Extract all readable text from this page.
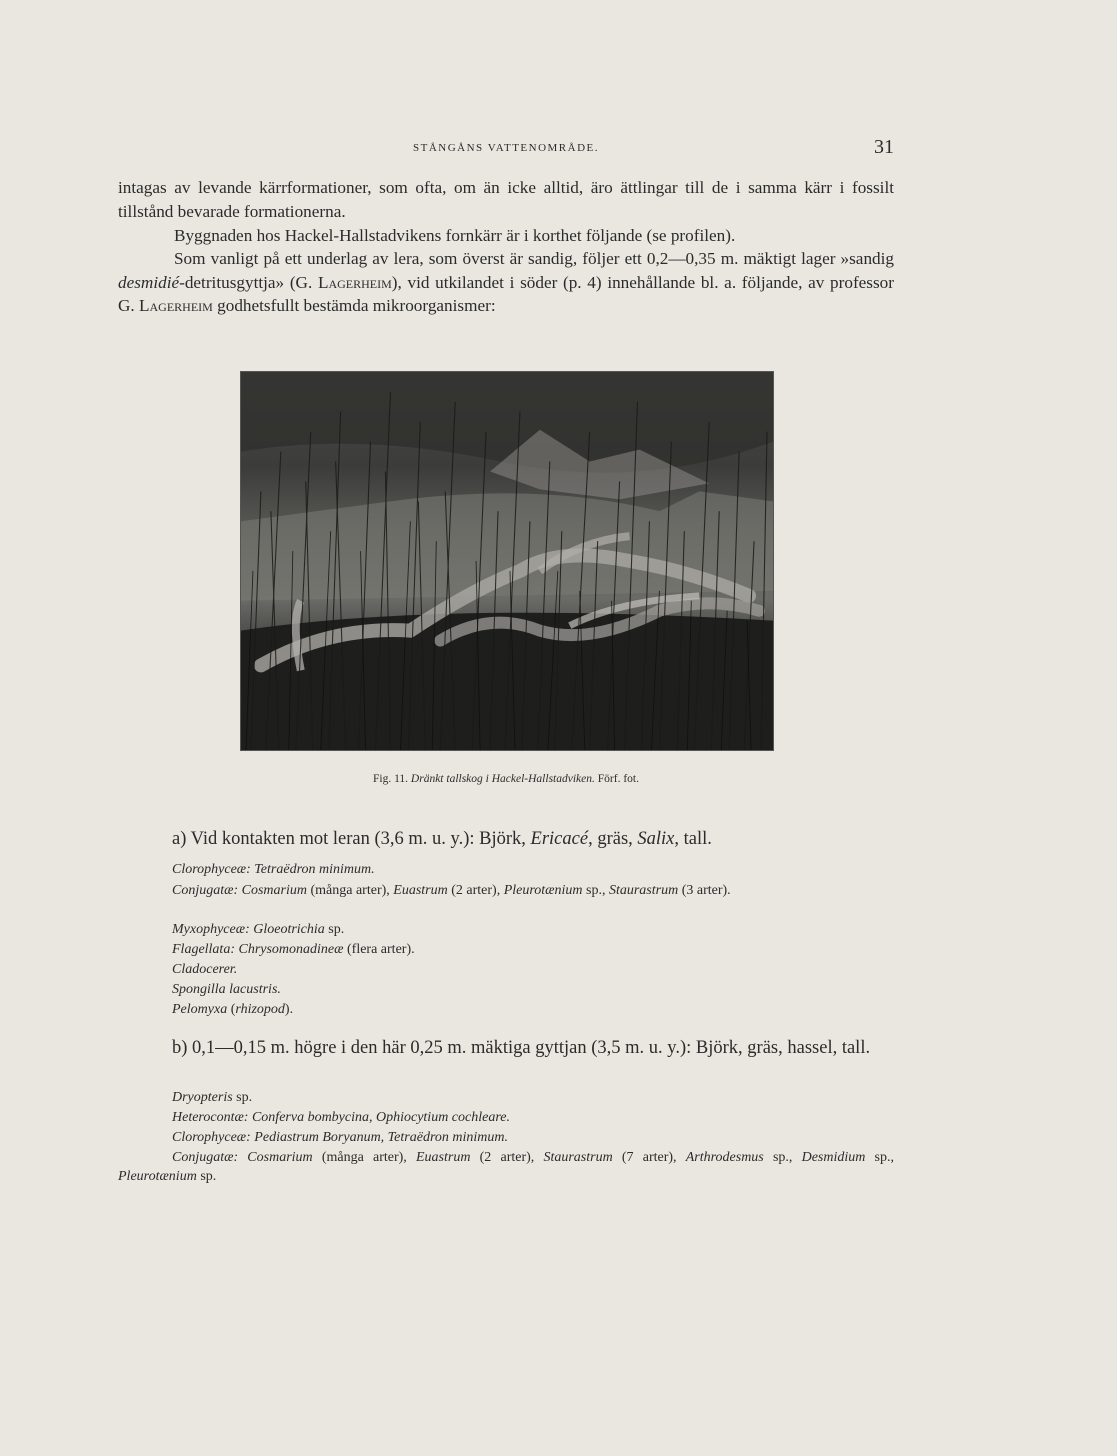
STÅNGÅNS VATTENOMRÅDE.	31

intagas av levande kärrformationer, som ofta, om än icke alltid, äro ättlingar till de i samma kärr i fossilt tillstånd bevarade formationerna.

Byggnaden hos Hackel-Hallstadvikens fornkärr är i korthet följande (se profilen).

Som vanligt på ett underlag av lera, som överst är sandig, följer ett 0,2—0,35 m. mäktigt lager »sandig desmidié-detritusgyttja» (G. Lagerheim), vid utkilandet i söder (p. 4) innehållande bl. a. följande, av professor G. Lagerheim godhetsfullt bestämda mikroorganismer:

Fig. 11. Dränkt tallskog i Hackel-Hallstadviken. Förf. fot.

a) Vid kontakten mot leran (3,6 m. u. y.): Björk, Ericacé, gräs, Salix, tall.

Clorophyceæ: Tetraëdron minimum.

Conjugatæ: Cosmarium (många arter), Euastrum (2 arter), Pleurotænium sp., Staurastrum (3 arter).

Myxophyceæ: Gloeotrichia sp.

Flagellata: Chrysomonadineæ (flera arter).

Cladocerer.

Spongilla lacustris.

Pelomyxa (rhizopod).

b) 0,1—0,15 m. högre i den här 0,25 m. mäktiga gyttjan (3,5 m. u. y.): Björk, gräs, hassel, tall.

Dryopteris sp.

Heterocontæ: Conferva bombycina, Ophiocytium cochleare.

Clorophyceæ: Pediastrum Boryanum, Tetraëdron minimum.

Conjugatæ: Cosmarium (många arter), Euastrum (2 arter), Staurastrum (7 arter), Arthrodesmus sp., Desmidium sp., Pleurotænium sp.
